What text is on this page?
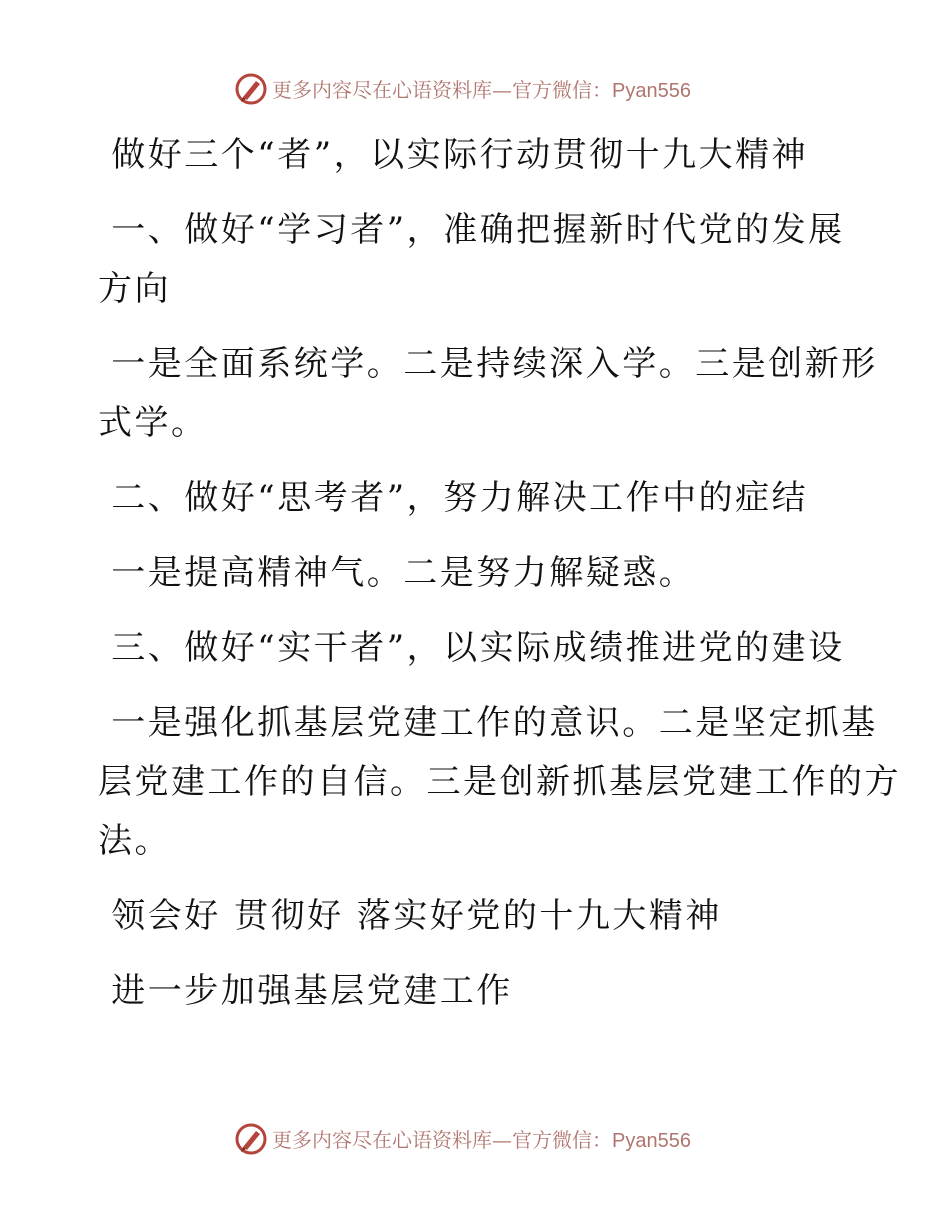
更多内容尽在心语资料库—官方微信：Pyan556
做好三个“者”，以实际行动贯彻十九大精神
一、做好“学习者”，准确把握新时代党的发展
方向
一是全面系统学。二是持续深入学。三是创新形
式学。
二、做好“思考者”，努力解决工作中的症结
一是提高精神气。二是努力解疑惑。
三、做好“实干者”，以实际成绩推进党的建设
一是强化抓基层党建工作的意识。二是坚定抓基
层党建工作的自信。三是创新抓基层党建工作的方
法。
领会好 贯彻好 落实好党的十九大精神
进一步加强基层党建工作
更多内容尽在心语资料库—官方微信：Pyan556
